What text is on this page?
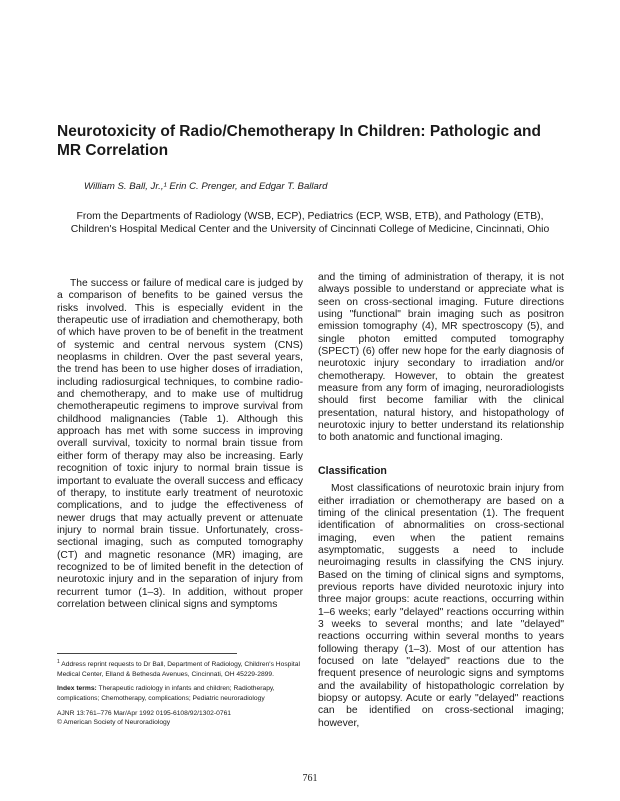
Neurotoxicity of Radio/Chemotherapy In Children: Pathologic and MR Correlation

William S. Ball, Jr.,¹ Erin C. Prenger, and Edgar T. Ballard

From the Departments of Radiology (WSB, ECP), Pediatrics (ECP, WSB, ETB), and Pathology (ETB), Children's Hospital Medical Center and the University of Cincinnati College of Medicine, Cincinnati, Ohio

The success or failure of medical care is judged by a comparison of benefits to be gained versus the risks involved. This is especially evident in the therapeutic use of irradiation and chemotherapy, both of which have proven to be of benefit in the treatment of systemic and central nervous system (CNS) neoplasms in children. Over the past several years, the trend has been to use higher doses of irradiation, including radiosurgical techniques, to combine radio- and chemotherapy, and to make use of multidrug chemotherapeutic regimens to improve survival from childhood malignancies (Table 1). Although this approach has met with some success in improving overall survival, toxicity to normal brain tissue from either form of therapy may also be increasing. Early recognition of toxic injury to normal brain tissue is important to evaluate the overall success and efficacy of therapy, to institute early treatment of neurotoxic complications, and to judge the effectiveness of newer drugs that may actually prevent or attenuate injury to normal brain tissue. Unfortunately, cross-sectional imaging, such as computed tomography (CT) and magnetic resonance (MR) imaging, are recognized to be of limited benefit in the detection of neurotoxic injury and in the separation of injury from recurrent tumor (1–3). In addition, without proper correlation between clinical signs and symptoms

and the timing of administration of therapy, it is not always possible to understand or appreciate what is seen on cross-sectional imaging. Future directions using "functional" brain imaging such as positron emission tomography (4), MR spectroscopy (5), and single photon emitted computed tomography (SPECT) (6) offer new hope for the early diagnosis of neurotoxic injury secondary to irradiation and/or chemotherapy. However, to obtain the greatest measure from any form of imaging, neuroradiologists should first become familiar with the clinical presentation, natural history, and histopathology of neurotoxic injury to better understand its relationship to both anatomic and functional imaging.

Classification

Most classifications of neurotoxic brain injury from either irradiation or chemotherapy are based on a timing of the clinical presentation (1). The frequent identification of abnormalities on cross-sectional imaging, even when the patient remains asymptomatic, suggests a need to include neuroimaging results in classifying the CNS injury. Based on the timing of clinical signs and symptoms, previous reports have divided neurotoxic injury into three major groups: acute reactions, occurring within 1–6 weeks; early "delayed" reactions occurring within 3 weeks to several months; and late "delayed" reactions occurring within several months to years following therapy (1–3). Most of our attention has focused on late "delayed" reactions due to the frequent presence of neurologic signs and symptoms and the availability of histopathologic correlation by biopsy or autopsy. Acute or early "delayed" reactions can be identified on cross-sectional imaging; however,

$^1$ Address reprint requests to Dr Ball, Department of Radiology, Children's Hospital Medical Center, Elland & Bethesda Avenues, Cincinnati, OH 45229-2899.

Index terms: Therapeutic radiology in infants and children; Radiotherapy, complications; Chemotherapy, complications; Pediatric neuroradiology

AJNR 13:761–776 Mar/Apr 1992 0195-6108/92/1302-0761

© American Society of Neuroradiology

761
